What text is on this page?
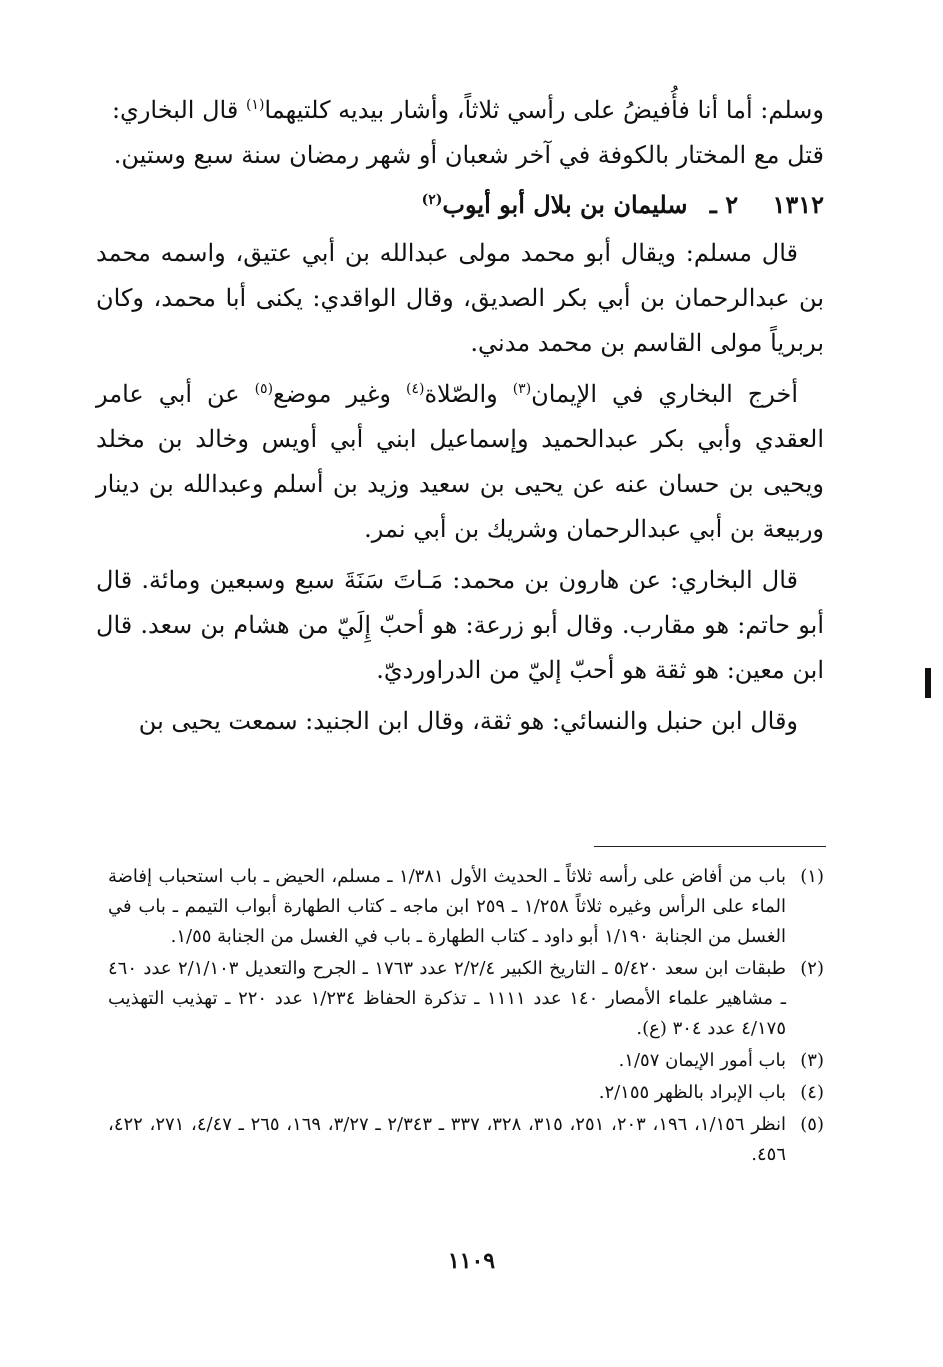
وسلم: أما أنا فأُفيضُ على رأسي ثلاثاً، وأشار بيديه كلتيهما$^{(١)}$ قال البخاري:

قتل مع المختار بالكوفة في آخر شعبان أو شهر رمضان سنة سبع وستين.

١٣١٢ ٢ ـ سليمان بن بلال أبو أيوب$^{(٢)}$

قال مسلم: ويقال أبو محمد مولى عبدالله بن أبي عتيق، واسمه محمد بن عبدالرحمان بن أبي بكر الصديق، وقال الواقدي: يكنى أبا محمد، وكان بربرياً مولى القاسم بن محمد مدني.

أخرج البخاري في الإيمان$^{(٣)}$ والصّلاة$^{(٤)}$ وغير موضع$^{(٥)}$ عن أبي عامر العقدي وأبي بكر عبدالحميد وإسماعيل ابني أبي أويس وخالد بن مخلد ويحيى بن حسان عنه عن يحيى بن سعيد وزيد بن أسلم وعبدالله بن دينار وربيعة بن أبي عبدالرحمان وشريك بن أبي نمر.

قال البخاري: عن هارون بن محمد: مَـاتَ سَنَةَ سبع وسبعين ومائة. قال أبو حاتم: هو مقارب. وقال أبو زرعة: هو أحبّ إِلَيّ من هشام بن سعد. قال ابن معين: هو ثقة هو أحبّ إليّ من الدراورديّ.

وقال ابن حنبل والنسائي: هو ثقة، وقال ابن الجنيد: سمعت يحيى بن

(١)
باب من أفاض على رأسه ثلاثاً ـ الحديث الأول ١/٣٨١ ـ مسلم، الحيض ـ باب استحباب إفاضة الماء على الرأس وغيره ثلاثاً ١/٢٥٨ ـ ٢٥٩ ابن ماجه ـ كتاب الطهارة أبواب التيمم ـ باب في الغسل من الجنابة ١/١٩٠ أبو داود ـ كتاب الطهارة ـ باب في الغسل من الجنابة ١/٥٥.
(٢)
طبقات ابن سعد ٥/٤٢٠ ـ التاريخ الكبير ٢/٢/٤ عدد ١٧٦٣ ـ الجرح والتعديل ٢/١/١٠٣ عدد ٤٦٠ ـ مشاهير علماء الأمصار ١٤٠ عدد ١١١١ ـ تذكرة الحفاظ ١/٢٣٤ عدد ٢٢٠ ـ تهذيب التهذيب ٤/١٧٥ عدد ٣٠٤ (ع).
(٣)
باب أمور الإيمان ١/٥٧.
(٤)
باب الإبراد بالظهر ٢/١٥٥.
(٥)
انظر ١/١٥٦، ١٩٦، ٢٠٣، ٢٥١، ٣١٥، ٣٢٨، ٣٣٧ ـ ٢/٣٤٣ ـ ٣/٢٧، ١٦٩، ٢٦٥ ـ ٤/٤٧، ٢٧١، ٤٢٢، ٤٥٦.
١١٠٩
